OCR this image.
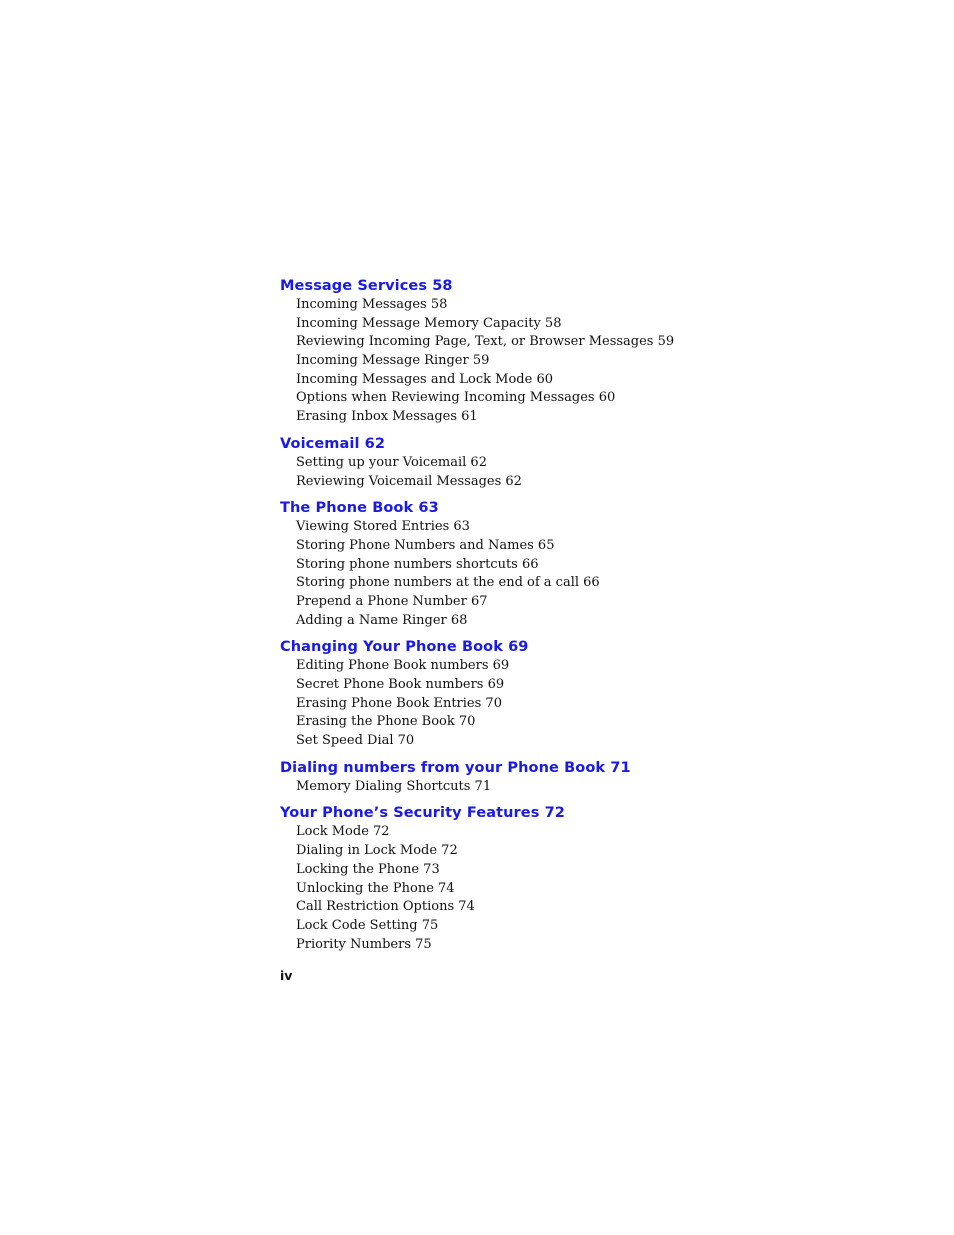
Message Services 58
Incoming Messages 58
Incoming Message Memory Capacity 58
Reviewing Incoming Page, Text, or Browser Messages 59
Incoming Message Ringer 59
Incoming Messages and Lock Mode 60
Options when Reviewing Incoming Messages 60
Erasing Inbox Messages 61
Voicemail 62
Setting up your Voicemail 62
Reviewing Voicemail Messages 62
The Phone Book 63
Viewing Stored Entries 63
Storing Phone Numbers and Names 65
Storing phone numbers shortcuts 66
Storing phone numbers at the end of a call 66
Prepend a Phone Number 67
Adding a Name Ringer 68
Changing Your Phone Book 69
Editing Phone Book numbers 69
Secret Phone Book numbers 69
Erasing Phone Book Entries 70
Erasing the Phone Book 70
Set Speed Dial 70
Dialing numbers from your Phone Book 71
Memory Dialing Shortcuts 71
Your Phone’s Security Features 72
Lock Mode 72
Dialing in Lock Mode 72
Locking the Phone 73
Unlocking the Phone 74
Call Restriction Options 74
Lock Code Setting 75
Priority Numbers 75
iv
